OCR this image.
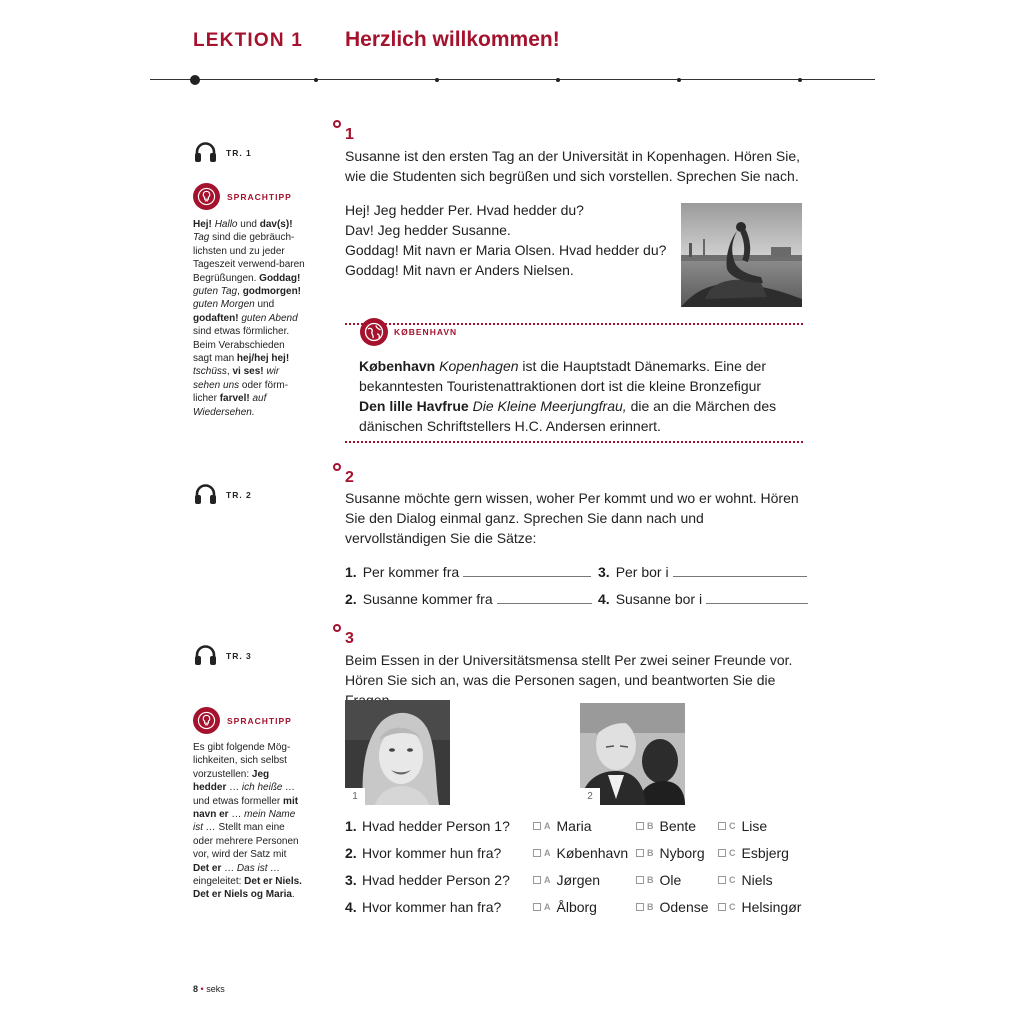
LEKTION 1 Herzlich willkommen!
TR. 1
SPRACHTIPP
Hej! Hallo und dav(s)! Tag sind die gebräuch-lichsten und zu jeder Tageszeit verwend-baren Begrüßungen. Goddag! guten Tag, godmorgen! guten Morgen und godaften! guten Abend sind etwas förmlicher. Beim Verabschieden sagt man hej/hej hej! tschüss, vi ses! wir sehen uns oder förm-licher farvel! auf Wiedersehen.
1
Susanne ist den ersten Tag an der Universität in Kopenhagen. Hören Sie, wie die Studenten sich begrüßen und sich vorstellen. Sprechen Sie nach.
Hej! Jeg hedder Per. Hvad hedder du?
Dav! Jeg hedder Susanne.
Goddag! Mit navn er Maria Olsen. Hvad hedder du?
Goddag! Mit navn er Anders Nielsen.
KØBENHAVN
København Kopenhagen ist die Hauptstadt Dänemarks. Eine der bekanntesten Touristenattraktionen dort ist die kleine Bronzefigur Den lille Havfrue Die Kleine Meerjungfrau, die an die Märchen des dänischen Schriftstellers H.C. Andersen erinnert.
TR. 2
2
Susanne möchte gern wissen, woher Per kommt und wo er wohnt. Hören Sie den Dialog einmal ganz. Sprechen Sie dann nach und vervollständigen Sie die Sätze:
1. Per kommer fra	3. Per bor i
2. Susanne kommer fra	4. Susanne bor i
TR. 3
3
Beim Essen in der Universitätsmensa stellt Per zwei seiner Freunde vor. Hören Sie sich an, was die Personen sagen, und beantworten Sie die
SPRACHTIPP
Es gibt folgende Mög-lichkeiten, sich selbst vorzustellen: Jeg hedder … ich heiße … und etwas formeller mit navn er … mein Name ist … Stellt man eine oder mehrere Personen vor, wird der Satz mit Det er … Das ist … eingeleitet: Det er Niels. Det er Niels og Maria.
1	2
1. Hvad hedder Person 1?	A Maria	B Bente	C Lise
2. Hvor kommer hun fra?	A København B Nyborg	C Esbjerg
3. Hvad hedder Person 2?	A Jørgen	B Ole	C Niels
4. Hvor kommer han fra?	A Ålborg	B Odense C Helsingør
8 • seks
